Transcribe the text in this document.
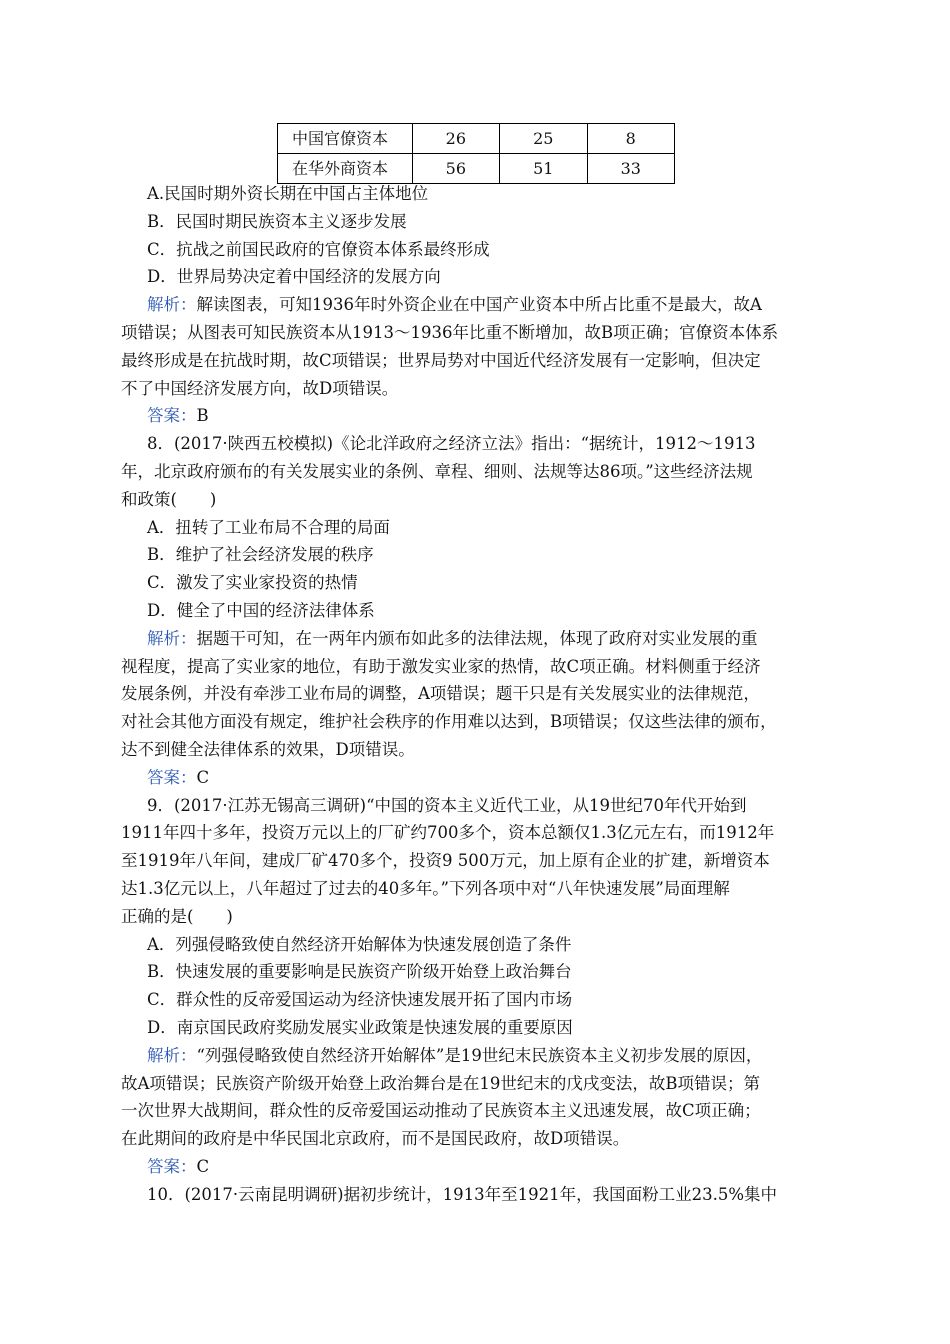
中国官僚资本	26	25	8
在华外商资本	56	51	33
A.民国时期外资长期在中国占主体地位
B．民国时期民族资本主义逐步发展
C．抗战之前国民政府的官僚资本体系最终形成
D．世界局势决定着中国经济的发展方向
解析：解读图表，可知1936年时外资企业在中国产业资本中所占比重不是最大，故A
项错误；从图表可知民族资本从1913～1936年比重不断增加，故B项正确；官僚资本体系
最终形成是在抗战时期，故C项错误；世界局势对中国近代经济发展有一定影响，但决定
不了中国经济发展方向，故D项错误。
答案：B
8．(2017·陕西五校模拟)《论北洋政府之经济立法》指出：“据统计，1912～1913
年，北京政府颁布的有关发展实业的条例、章程、细则、法规等达86项。”这些经济法规
和政策(　　)
A．扭转了工业布局不合理的局面
B．维护了社会经济发展的秩序
C．激发了实业家投资的热情
D．健全了中国的经济法律体系
解析：据题干可知，在一两年内颁布如此多的法律法规，体现了政府对实业发展的重
视程度，提高了实业家的地位，有助于激发实业家的热情，故C项正确。材料侧重于经济
发展条例，并没有牵涉工业布局的调整，A项错误；题干只是有关发展实业的法律规范，
对社会其他方面没有规定，维护社会秩序的作用难以达到，B项错误；仅这些法律的颁布，
达不到健全法律体系的效果，D项错误。
答案：C
9．(2017·江苏无锡高三调研)“中国的资本主义近代工业，从19世纪70年代开始到
1911年四十多年，投资万元以上的厂矿约700多个，资本总额仅1.3亿元左右，而1912年
至1919年八年间，建成厂矿470多个，投资9 500万元，加上原有企业的扩建，新增资本
达1.3亿元以上，八年超过了过去的40多年。”下列各项中对“八年快速发展”局面理解
正确的是(　　)
A．列强侵略致使自然经济开始解体为快速发展创造了条件
B．快速发展的重要影响是民族资产阶级开始登上政治舞台
C．群众性的反帝爱国运动为经济快速发展开拓了国内市场
D．南京国民政府奖励发展实业政策是快速发展的重要原因
解析：“列强侵略致使自然经济开始解体”是19世纪末民族资本主义初步发展的原因，
故A项错误；民族资产阶级开始登上政治舞台是在19世纪末的戊戌变法，故B项错误；第
一次世界大战期间，群众性的反帝爱国运动推动了民族资本主义迅速发展，故C项正确；
在此期间的政府是中华民国北京政府，而不是国民政府，故D项错误。
答案：C
10．(2017·云南昆明调研)据初步统计，1913年至1921年，我国面粉工业23.5%集中
